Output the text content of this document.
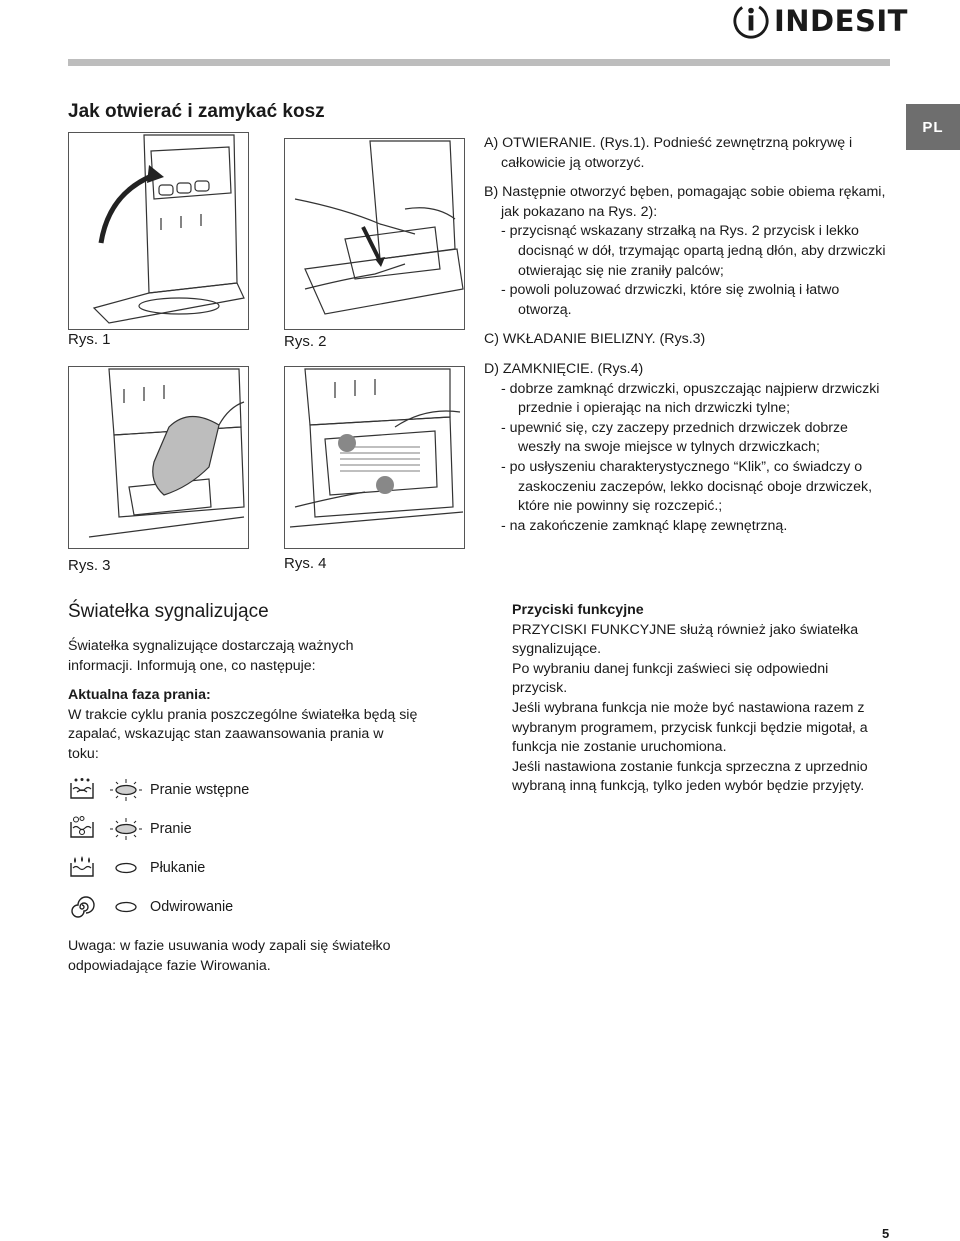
INDESIT
PL
Jak otwierać i zamykać kosz
Rys. 1	Rys. 2
Rys. 3	Rys. 4

A) OTWIERANIE. (Rys.1). Podnieść zewnętrzną pokrywę i całkowicie ją otworzyć.

B) Następnie otworzyć bęben, pomagając sobie obiema rękami, jak pokazano na Rys. 2):

- przycisnąć wskazany strzałką na Rys. 2 przycisk i lekko docisnąć w dół, trzymając opartą jedną dłón, aby drzwiczki otwierając się nie zraniły palców;

- powoli poluzować drzwiczki, które się zwolnią i łatwo otworzą.

C) WKŁADANIE BIELIZNY. (Rys.3)

D) ZAMKNIĘCIE. (Rys.4)

- dobrze zamknąć drzwiczki, opuszczając najpierw drzwiczki przednie i opierając na nich drzwiczki tylne;

- upewnić się, czy zaczepy przednich drzwiczek dobrze weszły na swoje miejsce w tylnych drzwiczkach;

- po usłyszeniu charakterystycznego “Klik”, co świadczy o zaskoczeniu zaczepów, lekko docisnąć oboje drzwiczek, które nie powinny się rozczepić.;

- na zakończenie zamknąć klapę zewnętrzną.

Światełka sygnalizujące

Światełka sygnalizujące dostarczają ważnych informacji. Informują one, co następuje:

Aktualna faza prania:

W trakcie cyklu prania poszczególne światełka będą się zapalać, wskazując stan zaawansowania prania w toku:

Pranie wstępne
Pranie
Płukanie
Odwirowanie
Uwaga: w fazie usuwania wody zapali się światełko odpowiadające fazie Wirowania.

Przyciski funkcyjne

PRZYCISKI FUNKCYJNE służą również jako światełka sygnalizujące.

Po wybraniu danej funkcji zaświeci się odpowiedni przycisk.

Jeśli wybrana funkcja nie może być nastawiona razem z wybranym programem, przycisk funkcji będzie migotał, a funkcja nie zostanie uruchomiona.

Jeśli nastawiona zostanie funkcja sprzeczna z uprzednio wybraną inną funkcją, tylko jeden wybór będzie przyjęty.

5
